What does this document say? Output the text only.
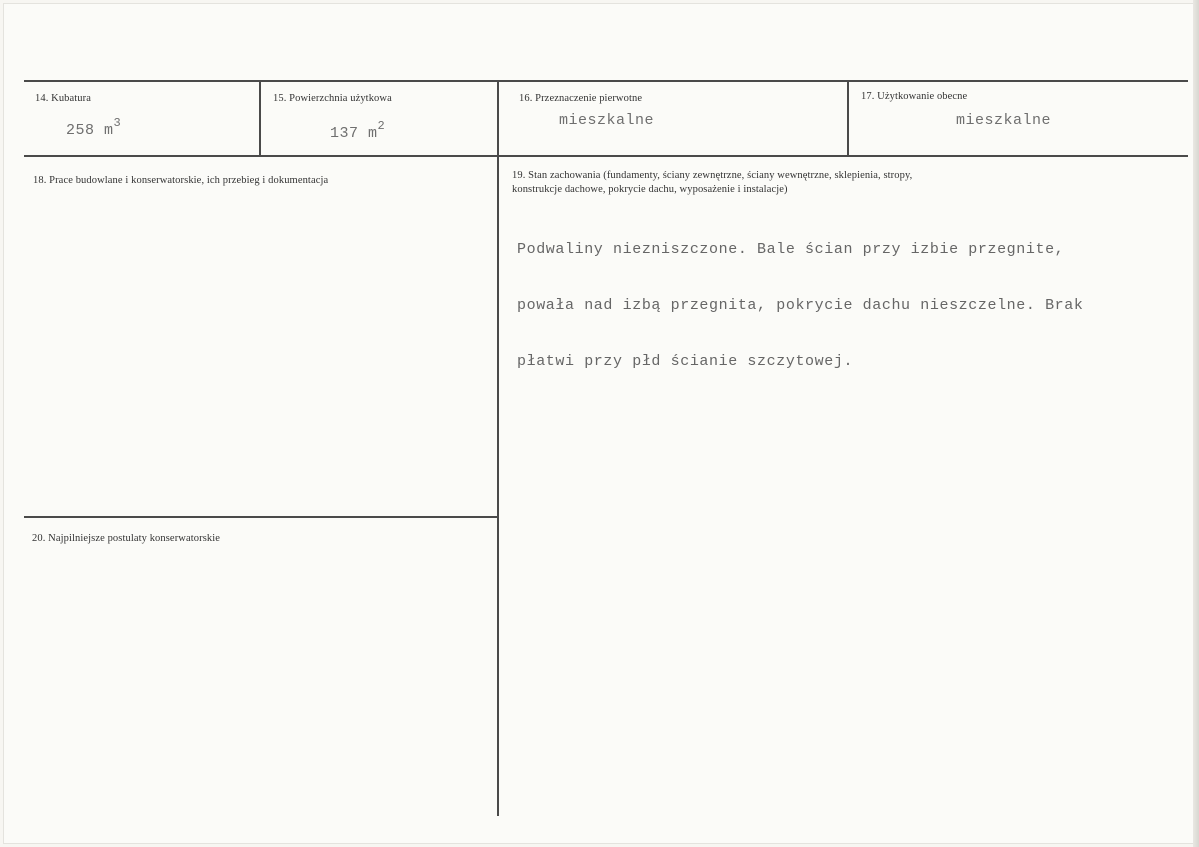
14. Kubatura
258 $m^3$
15. Powierzchnia użytkowa
137 $m^2$
16. Przeznaczenie pierwotne
mieszkalne
17. Użytkowanie obecne
mieszkalne
18. Prace budowlane i konserwatorskie, ich przebieg i dokumentacja	19. Stan zachowania (fundamenty, ściany zewnętrzne, ściany wewnętrzne, sklepienia, stropy,
konstrukcje dachowe, pokrycie dachu, wyposażenie i instalacje)

Podwaliny niezniszczone. Bale ścian przy izbie przegnite,

powała nad izbą przegnita, pokrycie dachu nieszczelne. Brak

płatwi przy płd ścianie szczytowej.

20. Najpilniejsze postulaty konserwatorskie
